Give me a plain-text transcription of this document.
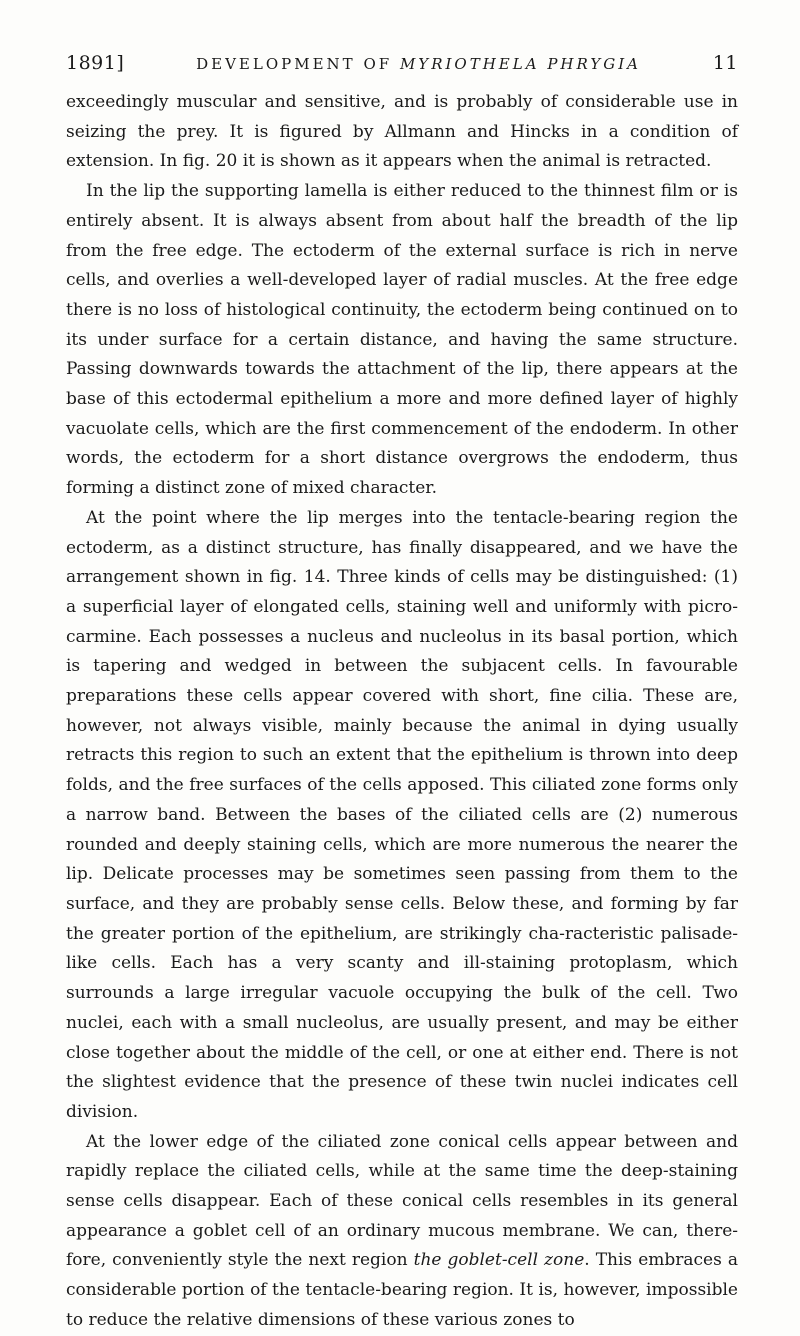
1891]	DEVELOPMENT OF MYRIOTHELA PHRYGIA	11

exceedingly muscular and sensitive, and is probably of considerable use in seizing the prey. It is figured by Allmann and Hincks in a condition of extension. In fig. 20 it is shown as it appears when the animal is retracted.

In the lip the supporting lamella is either reduced to the thinnest film or is entirely absent. It is always absent from about half the breadth of the lip from the free edge. The ectoderm of the external surface is rich in nerve cells, and overlies a well-developed layer of radial muscles. At the free edge there is no loss of histological continuity, the ectoderm being continued on to its under surface for a certain distance, and having the same structure. Passing downwards towards the attachment of the lip, there appears at the base of this ectodermal epithelium a more and more defined layer of highly vacuolate cells, which are the first commencement of the endoderm. In other words, the ectoderm for a short distance overgrows the endoderm, thus forming a distinct zone of mixed character.

At the point where the lip merges into the tentacle-bearing region the ectoderm, as a distinct structure, has finally disappeared, and we have the arrangement shown in fig. 14. Three kinds of cells may be distinguished: (1) a superficial layer of elongated cells, staining well and uniformly with picro-carmine. Each possesses a nucleus and nucleolus in its basal portion, which is tapering and wedged in between the subjacent cells. In favourable preparations these cells appear covered with short, fine cilia. These are, however, not always visible, mainly because the animal in dying usually retracts this region to such an extent that the epithelium is thrown into deep folds, and the free surfaces of the cells apposed. This ciliated zone forms only a narrow band. Between the bases of the ciliated cells are (2) numerous rounded and deeply staining cells, which are more numerous the nearer the lip. Delicate processes may be sometimes seen passing from them to the surface, and they are probably sense cells. Below these, and forming by far the greater portion of the epithelium, are strikingly cha-racteristic palisade-like cells. Each has a very scanty and ill-staining protoplasm, which surrounds a large irregular vacuole occupying the bulk of the cell. Two nuclei, each with a small nucleolus, are usually present, and may be either close together about the middle of the cell, or one at either end. There is not the slightest evidence that the presence of these twin nuclei indicates cell division.

At the lower edge of the ciliated zone conical cells appear between and rapidly replace the ciliated cells, while at the same time the deep-staining sense cells disappear. Each of these conical cells resembles in its general appearance a goblet cell of an ordinary mucous membrane. We can, there-fore, conveniently style the next region the goblet-cell zone. This embraces a considerable portion of the tentacle-bearing region. It is, however, impossible to reduce the relative dimensions of these various zones to
